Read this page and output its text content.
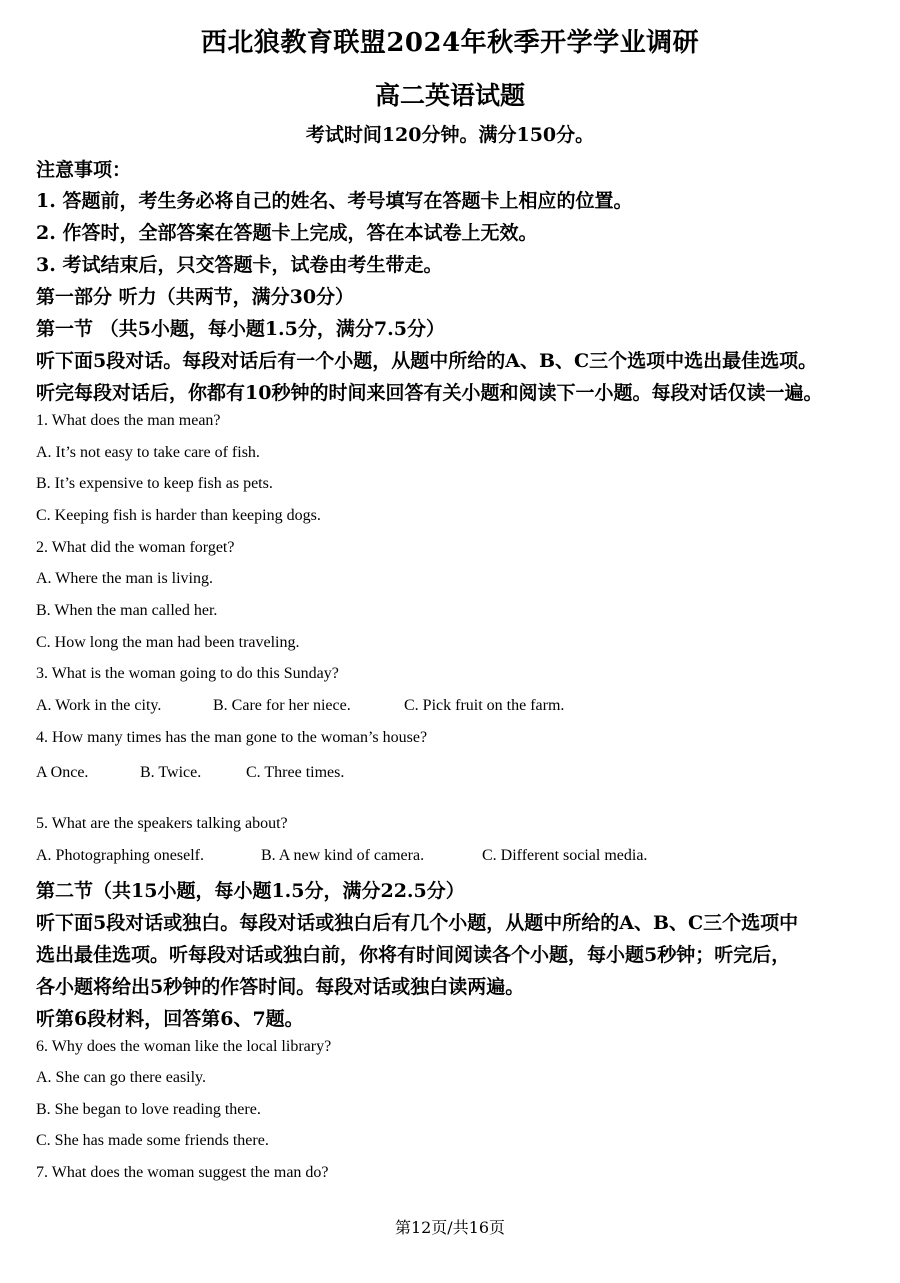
西北狼教育联盟2024年秋季开学学业调研
高二英语试题
考试时间120分钟。满分150分。
注意事项：
1. 答题前，考生务必将自己的姓名、考号填写在答题卡上相应的位置。
2. 作答时，全部答案在答题卡上完成，答在本试卷上无效。
3. 考试结束后，只交答题卡，试卷由考生带走。
第一部分 听力（共两节，满分30分）
第一节 （共5小题，每小题1.5分，满分7.5分）
听下面5段对话。每段对话后有一个小题，从题中所给的A、B、C三个选项中选出最佳选项。
听完每段对话后，你都有10秒钟的时间来回答有关小题和阅读下一小题。每段对话仅读一遍。
1. What does the man mean?
A. It’s not easy to take care of fish.
B. It’s expensive to keep fish as pets.
C. Keeping fish is harder than keeping dogs.
2. What did the woman forget?
A. Where the man is living.
B. When the man called her.
C. How long the man had been traveling.
3. What is the woman going to do this Sunday?
A. Work in the city.	B. Care for her niece.	C. Pick fruit on the farm.
4. How many times has the man gone to the woman’s house?
A Once.	B. Twice.	C. Three times.
5. What are the speakers talking about?
A. Photographing oneself.	B. A new kind of camera.	C. Different social media.
第二节（共15小题，每小题1.5分，满分22.5分）
听下面5段对话或独白。每段对话或独白后有几个小题，从题中所给的A、B、C三个选项中
选出最佳选项。听每段对话或独白前，你将有时间阅读各个小题，每小题5秒钟；听完后，
各小题将给出5秒钟的作答时间。每段对话或独白读两遍。
听第6段材料，回答第6、7题。
6. Why does the woman like the local library?
A. She can go there easily.
B. She began to love reading there.
C. She has made some friends there.
7. What does the woman suggest the man do?
第12页/共16页
